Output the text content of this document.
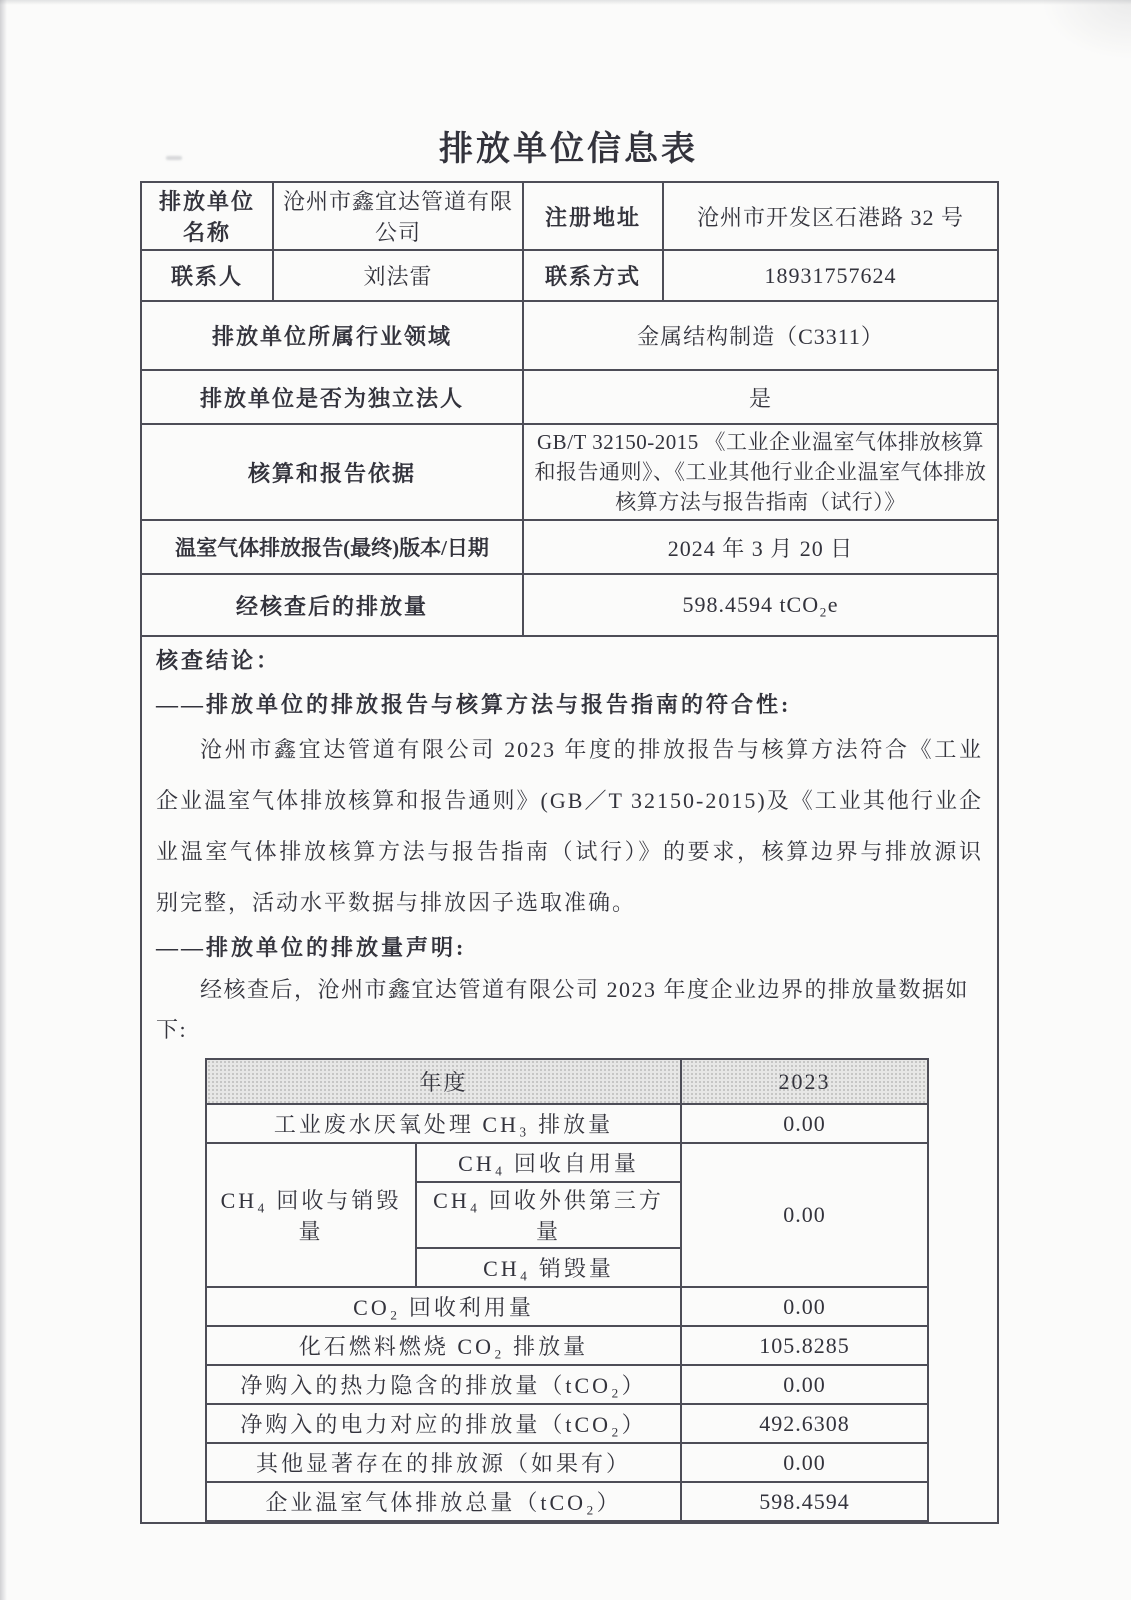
排放单位信息表
排放单位名称	沧州市鑫宜达管道有限公司	注册地址	沧州市开发区石港路 32 号
联系人	刘法雷	联系方式	18931757624
排放单位所属行业领域	金属结构制造（C3311）
排放单位是否为独立法人	是
核算和报告依据	GB/T 32150-2015 《工业企业温室气体排放核算和报告通则》、《工业其他行业企业温室气体排放核算方法与报告指南（试行）》
温室气体排放报告(最终)版本/日期	2024 年 3 月 20 日
经核查后的排放量	598.4594 tCO₂e

核查结论：

——排放单位的排放报告与核算方法与报告指南的符合性:

沧州市鑫宜达管道有限公司 2023 年度的排放报告与核算方法符合《工业企业温室气体排放核算和报告通则》(GB／T 32150-2015)及《工业其他行业企业温室气体排放核算方法与报告指南（试行）》的要求，核算边界与排放源识别完整，活动水平数据与排放因子选取准确。

——排放单位的排放量声明:

经核查后，沧州市鑫宜达管道有限公司 2023 年度企业边界的排放量数据如下:

年度	2023
工业废水厌氧处理 CH₃ 排放量	0.00
CH₄ 回收与销毁量	CH₄ 回收自用量	0.00
CH₄ 回收外供第三方量
CH₄ 销毁量
CO₂ 回收利用量	0.00
化石燃料燃烧 CO₂ 排放量	105.8285
净购入的热力隐含的排放量（tCO₂）	0.00
净购入的电力对应的排放量（tCO₂）	492.6308
其他显著存在的排放源（如果有）	0.00
企业温室气体排放总量（tCO₂）	598.4594
